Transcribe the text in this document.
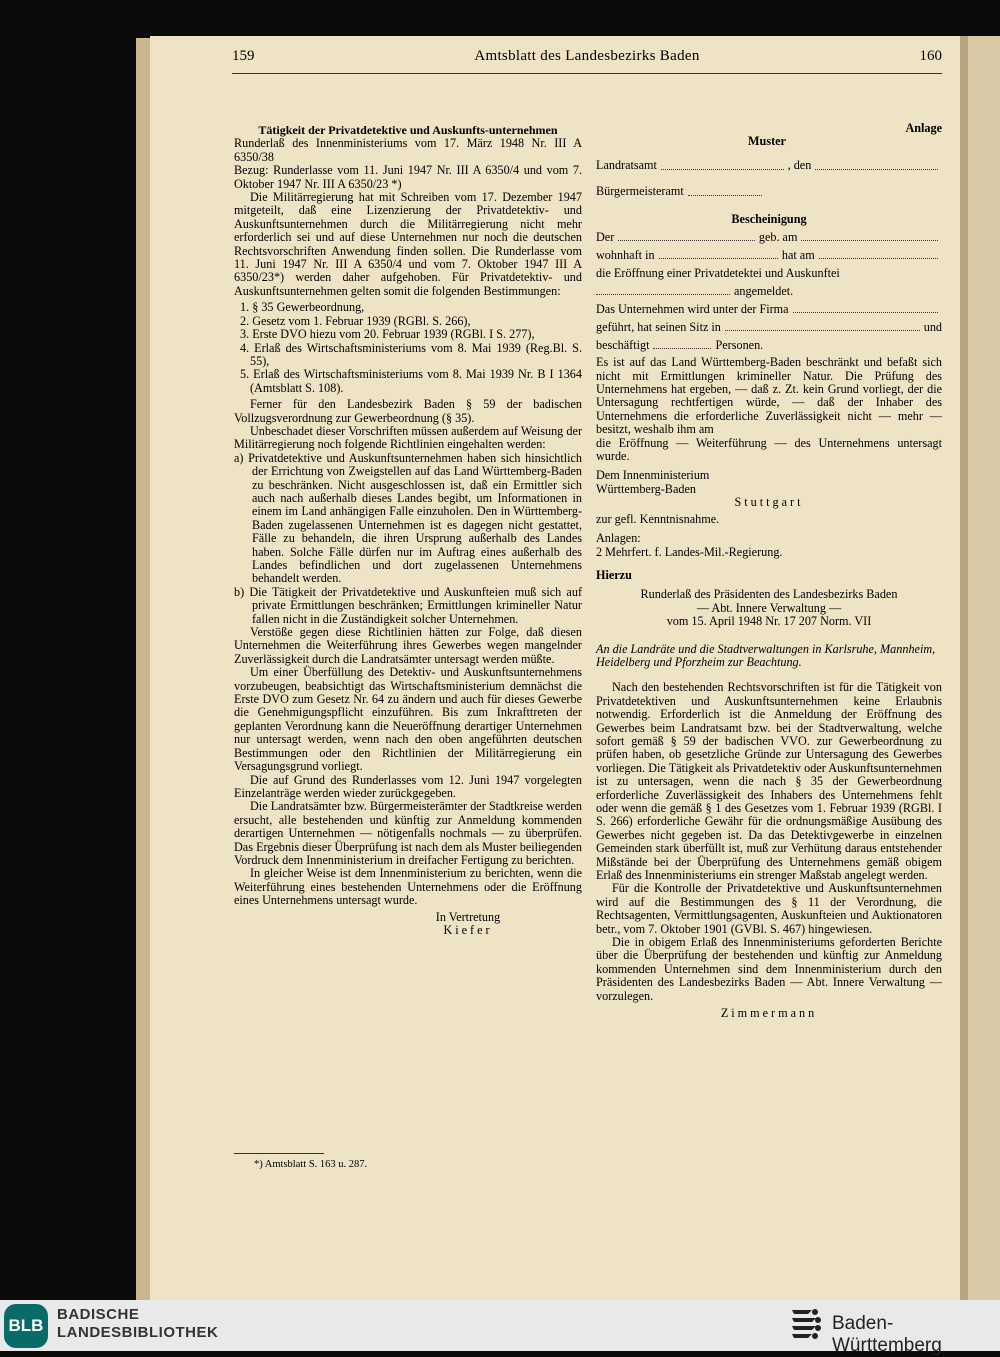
159	Amtsblatt des Landesbezirks Baden	160

Tätigkeit der Privatdetektive und Auskunfts-unternehmen

Runderlaß des Innenministeriums vom 17. März 1948 Nr. III A 6350/38

Bezug: Runderlasse vom 11. Juni 1947 Nr. III A 6350/4 und vom 7. Oktober 1947 Nr. III A 6350/23 *)

Die Militärregierung hat mit Schreiben vom 17. Dezember 1947 mitgeteilt, daß eine Lizenzierung der Privatdetektiv- und Auskunftsunternehmen durch die Militärregierung nicht mehr erforderlich sei und auf diese Unternehmen nur noch die deutschen Rechtsvorschriften Anwendung finden sollen. Die Runderlasse vom 11. Juni 1947 Nr. III A 6350/4 und vom 7. Oktober 1947 III A 6350/23*) werden daher aufgehoben. Für Privatdetektiv- und Auskunftsunternehmen gelten somit die folgenden Bestimmungen:

1. § 35 Gewerbeordnung,

2. Gesetz vom 1. Februar 1939 (RGBl. S. 266),

3. Erste DVO hiezu vom 20. Februar 1939 (RGBl. I S. 277),

4. Erlaß des Wirtschaftsministeriums vom 8. Mai 1939 (Reg.Bl. S. 55),

5. Erlaß des Wirtschaftsministeriums vom 8. Mai 1939 Nr. B I 1364 (Amtsblatt S. 108).

Ferner für den Landesbezirk Baden § 59 der badischen Vollzugsverordnung zur Gewerbeordnung (§ 35).

Unbeschadet dieser Vorschriften müssen außerdem auf Weisung der Militärregierung noch folgende Richtlinien eingehalten werden:

a) Privatdetektive und Auskunftsunternehmen haben sich hinsichtlich der Errichtung von Zweigstellen auf das Land Württemberg-Baden zu beschränken. Nicht ausgeschlossen ist, daß ein Ermittler sich auch nach außerhalb dieses Landes begibt, um Informationen in einem im Land anhängigen Falle einzuholen. Den in Württemberg-Baden zugelassenen Unternehmen ist es dagegen nicht gestattet, Fälle zu behandeln, die ihren Ursprung außerhalb des Landes haben. Solche Fälle dürfen nur im Auftrag eines außerhalb des Landes befindlichen und dort zugelassenen Unternehmens behandelt werden.

b) Die Tätigkeit der Privatdetektive und Auskunfteien muß sich auf private Ermittlungen beschränken; Ermittlungen krimineller Natur fallen nicht in die Zuständigkeit solcher Unternehmen.

Verstöße gegen diese Richtlinien hätten zur Folge, daß diesen Unternehmen die Weiterführung ihres Gewerbes wegen mangelnder Zuverlässigkeit durch die Landratsämter untersagt werden müßte.

Um einer Überfüllung des Detektiv- und Auskunftsunternehmens vorzubeugen, beabsichtigt das Wirtschaftsministerium demnächst die Erste DVO zum Gesetz Nr. 64 zu ändern und auch für dieses Gewerbe die Genehmigungspflicht einzuführen. Bis zum Inkrafttreten der geplanten Verordnung kann die Neueröffnung derartiger Unternehmen nur untersagt werden, wenn nach den oben angeführten deutschen Bestimmungen oder den Richtlinien der Militärregierung ein Versagungsgrund vorliegt.

Die auf Grund des Runderlasses vom 12. Juni 1947 vorgelegten Einzelanträge werden wieder zurückgegeben.

Die Landratsämter bzw. Bürgermeisterämter der Stadtkreise werden ersucht, alle bestehenden und künftig zur Anmeldung kommenden derartigen Unternehmen — nötigenfalls nochmals — zu überprüfen. Das Ergebnis dieser Überprüfung ist nach dem als Muster beiliegenden Vordruck dem Innenministerium in dreifacher Fertigung zu berichten.

In gleicher Weise ist dem Innenministerium zu berichten, wenn die Weiterführung eines bestehenden Unternehmens oder die Eröffnung eines Unternehmens untersagt wurde.

In Vertretung

Kiefer

*) Amtsblatt S. 163 u. 287.

Anlage

Muster

Landratsamt	, den
Bürgermeisteramt

Bescheinigung

Der	geb. am
wohnhaft in	hat am
die Eröffnung einer Privatdetektei und Auskunftei
angemeldet.
Das Unternehmen wird unter der Firma
geführt, hat seinen Sitz in	und
beschäftigt	Personen.

Es ist auf das Land Württemberg-Baden beschränkt und befaßt sich nicht mit Ermittlungen krimineller Natur. Die Prüfung des Unternehmens hat ergeben, — daß z. Zt. kein Grund vorliegt, der die Untersagung rechtfertigen würde, — daß der Inhaber des Unternehmens die erforderliche Zuverlässigkeit nicht — mehr — besitzt, weshalb ihm am

die Eröffnung — Weiterführung — des Unternehmens untersagt wurde.

Dem Innenministerium

Württemberg-Baden

Stuttgart

zur gefl. Kenntnisnahme.

Anlagen:

2 Mehrfert. f. Landes-Mil.-Regierung.

Hierzu

Runderlaß des Präsidenten des Landesbezirks Baden

— Abt. Innere Verwaltung —

vom 15. April 1948 Nr. 17 207 Norm. VII

An die Landräte und die Stadtverwaltungen in Karlsruhe, Mannheim, Heidelberg und Pforzheim zur Beachtung.

Nach den bestehenden Rechtsvorschriften ist für die Tätigkeit von Privatdetektiven und Auskunftsunternehmen keine Erlaubnis notwendig. Erforderlich ist die Anmeldung der Eröffnung des Gewerbes beim Landratsamt bzw. bei der Stadtverwaltung, welche sofort gemäß § 59 der badischen VVO. zur Gewerbeordnung zu prüfen haben, ob gesetzliche Gründe zur Untersagung des Gewerbes vorliegen. Die Tätigkeit als Privatdetektiv oder Auskunftsunternehmen ist zu untersagen, wenn die nach § 35 der Gewerbeordnung erforderliche Zuverlässigkeit des Inhabers des Unternehmens fehlt oder wenn die gemäß § 1 des Gesetzes vom 1. Februar 1939 (RGBl. I S. 266) erforderliche Gewähr für die ordnungsmäßige Ausübung des Gewerbes nicht gegeben ist. Da das Detektivgewerbe in einzelnen Gemeinden stark überfüllt ist, muß zur Verhütung daraus entstehender Mißstände bei der Überprüfung des Unternehmens gemäß obigem Erlaß des Innenministeriums ein strenger Maßstab angelegt werden.

Für die Kontrolle der Privatdetektive und Auskunftsunternehmen wird auf die Bestimmungen des § 11 der Verordnung, die Rechtsagenten, Vermittlungsagenten, Auskunfteien und Auktionatoren betr., vom 7. Oktober 1901 (GVBl. S. 467) hingewiesen.

Die in obigem Erlaß des Innenministeriums geforderten Berichte über die Überprüfung der bestehenden und künftig zur Anmeldung kommenden Unternehmen sind dem Innenministerium durch den Präsidenten des Landesbezirks Baden — Abt. Innere Verwaltung — vorzulegen.

Zimmermann

BLB
BADISCHE
LANDESBIBLIOTHEK	Baden-Württemberg
